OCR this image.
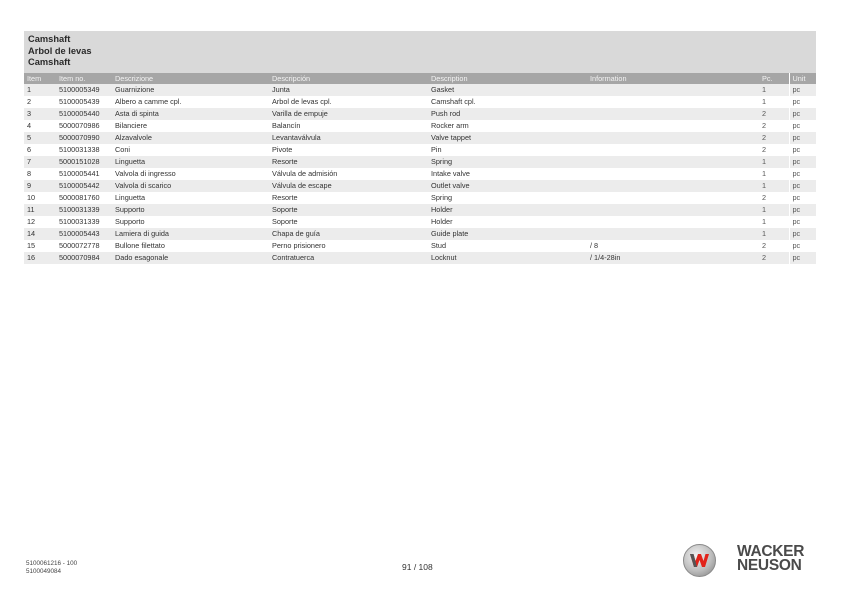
Camshaft
Arbol de levas
Camshaft
Item	Item no.	Descrizione	Descripción	Description	Information	Pc.	Unit
1	5100005349	Guarnizione	Junta	Gasket		1	pc
2	5100005439	Albero a camme cpl.	Arbol de levas cpl.	Camshaft cpl.		1	pc
3	5100005440	Asta di spinta	Varilla de empuje	Push rod		2	pc
4	5000070986	Bilanciere	Balancín	Rocker arm		2	pc
5	5000070990	Alzavalvole	Levantaválvula	Valve tappet		2	pc
6	5100031338	Coni	Pivote	Pin		2	pc
7	5000151028	Linguetta	Resorte	Spring		1	pc
8	5100005441	Valvola di ingresso	Válvula de admisión	Intake valve		1	pc
9	5100005442	Valvola di scarico	Válvula de escape	Outlet valve		1	pc
10	5000081760	Linguetta	Resorte	Spring		2	pc
11	5100031339	Supporto	Soporte	Holder		1	pc
12	5100031339	Supporto	Soporte	Holder		1	pc
14	5100005443	Lamiera di guida	Chapa de guía	Guide plate		1	pc
15	5000072778	Bullone filettato	Perno prisionero	Stud	/ 8	2	pc
16	5000070984	Dado esagonale	Contratuerca	Locknut	/ 1/4-28in	2	pc
5100061216 - 100
5100049084	91 / 108
WACKER
NEUSON
